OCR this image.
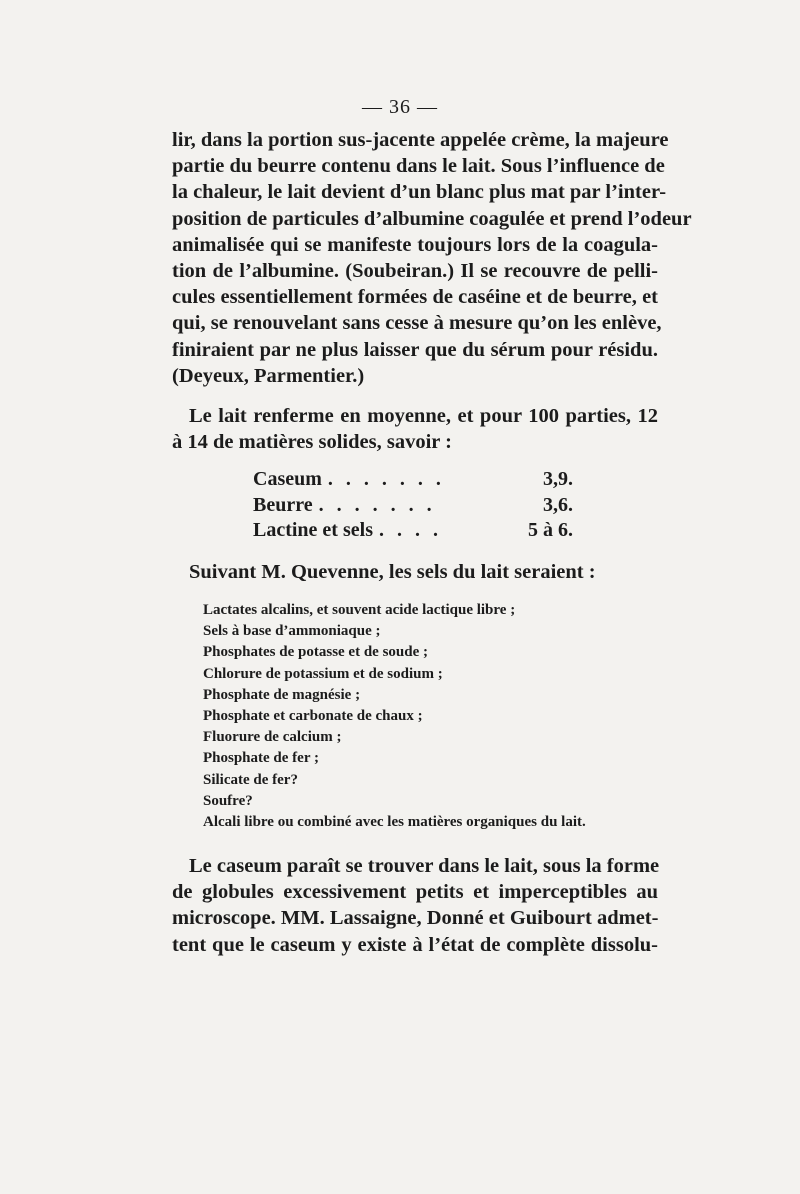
— 36 —
lir, dans la portion sus-jacente appelée crème, la majeure
partie du beurre contenu dans le lait. Sous l’influence de
la chaleur, le lait devient d’un blanc plus mat par l’inter-
position de particules d’albumine coagulée et prend l’odeur
animalisée qui se manifeste toujours lors de la coagula-
tion de l’albumine. (Soubeiran.) Il se recouvre de pelli-
cules essentiellement formées de caséine et de beurre, et
qui, se renouvelant sans cesse à mesure qu’on les enlève,
finiraient par ne plus laisser que du sérum pour résidu.
(Deyeux, Parmentier.)
Le lait renferme en moyenne, et pour 100 parties, 12
à 14 de matières solides, savoir :
Caseum . . . . . . .	3,9.
Beurre . . . . . . .	3,6.
Lactine et sels . . . .	5 à 6.
Suivant M. Quevenne, les sels du lait seraient :
Lactates alcalins, et souvent acide lactique libre ;
Sels à base d’ammoniaque ;
Phosphates de potasse et de soude ;
Chlorure de potassium et de sodium ;
Phosphate de magnésie ;
Phosphate et carbonate de chaux ;
Fluorure de calcium ;
Phosphate de fer ;
Silicate de fer?
Soufre?
Alcali libre ou combiné avec les matières organiques du lait.
Le caseum paraît se trouver dans le lait, sous la forme
de globules excessivement petits et imperceptibles au
microscope. MM. Lassaigne, Donné et Guibourt admet-
tent que le caseum y existe à l’état de complète dissolu-
